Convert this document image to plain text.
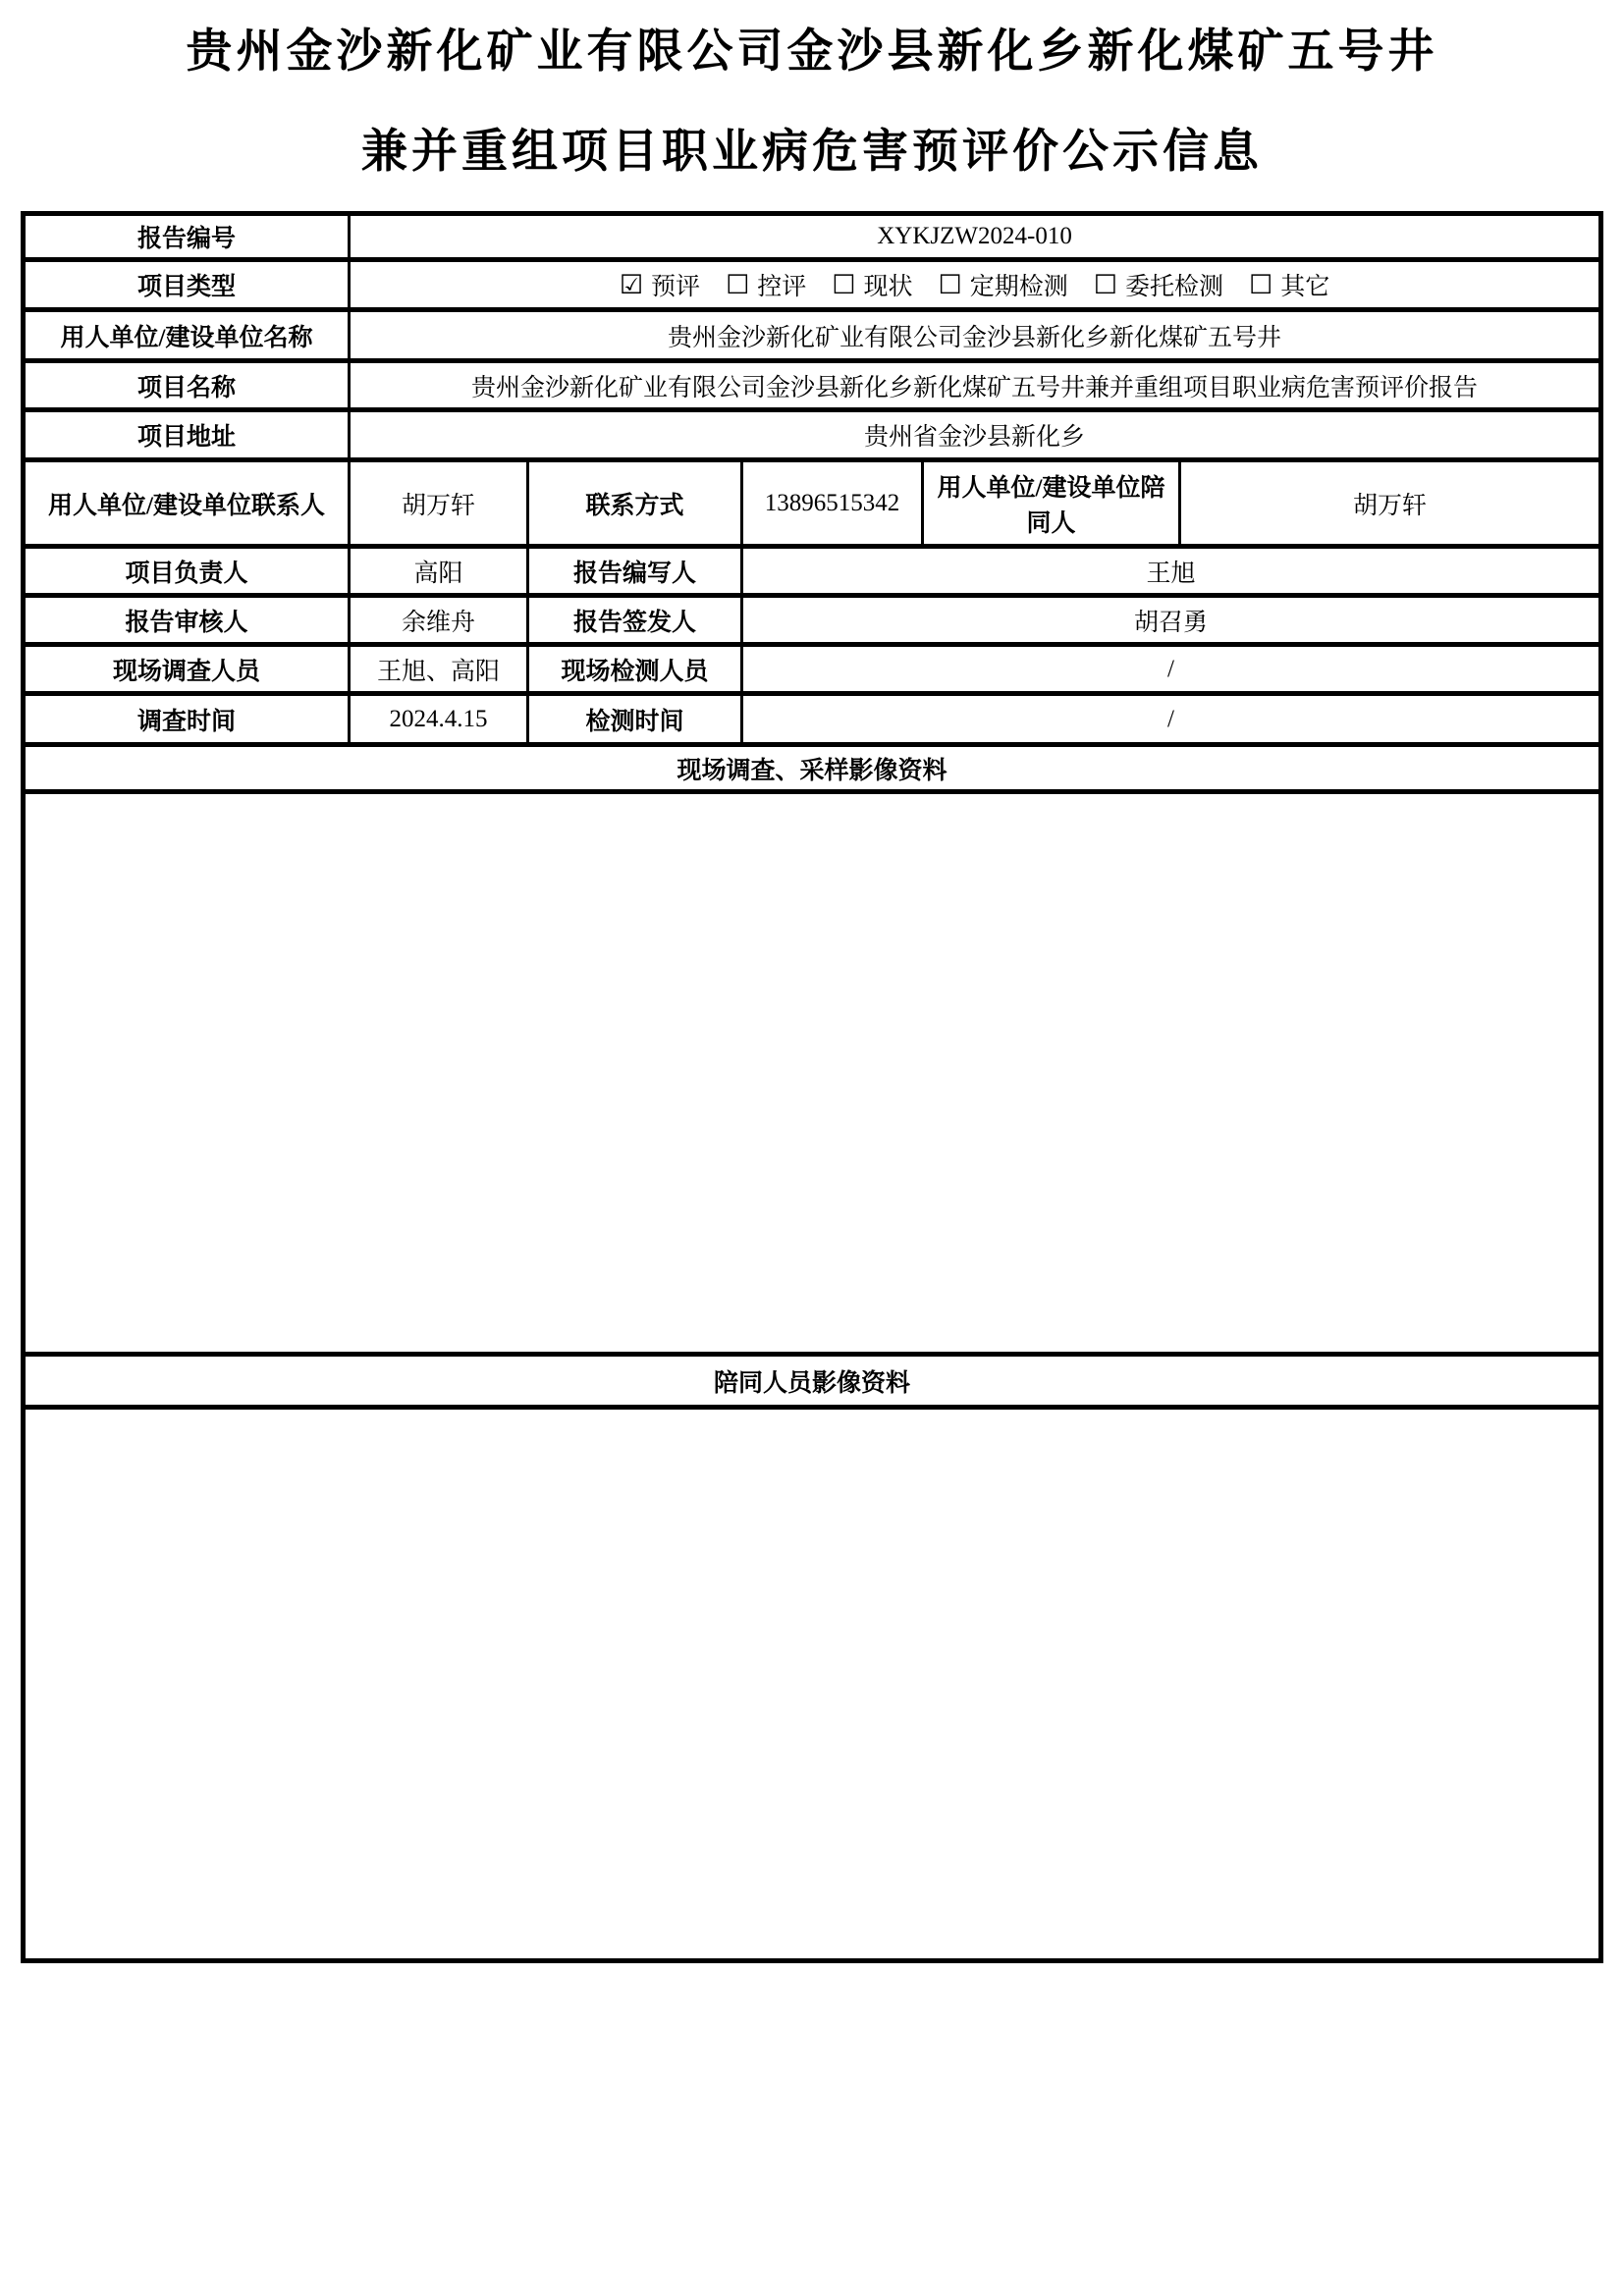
贵州金沙新化矿业有限公司金沙县新化乡新化煤矿五号井
兼并重组项目职业病危害预评价公示信息
报告编号	XYKJZW2024-010				
项目类型	☑ 预评 ☐ 控评 ☐ 现状 ☐ 定期检测 ☐ 委托检测 ☐ 其它

用人单位/建设单位名称	贵州金沙新化矿业有限公司金沙县新化乡新化煤矿五号井				
项目名称	贵州金沙新化矿业有限公司金沙县新化乡新化煤矿五号井兼并重组项目职业病危害预评价报告				
项目地址	贵州省金沙县新化乡				
用人单位/建设单位联系人	胡万轩	联系方式	13896515342	用人单位/建设单位陪同人	胡万轩
项目负责人	高阳	报告编写人	王旭		
报告审核人	余维舟	报告签发人	胡召勇		
现场调查人员	王旭、高阳	现场检测人员	/		
调查时间	2024.4.15	检测时间	/		
现场调查、采样影像资料					

陪同人员影像资料					
